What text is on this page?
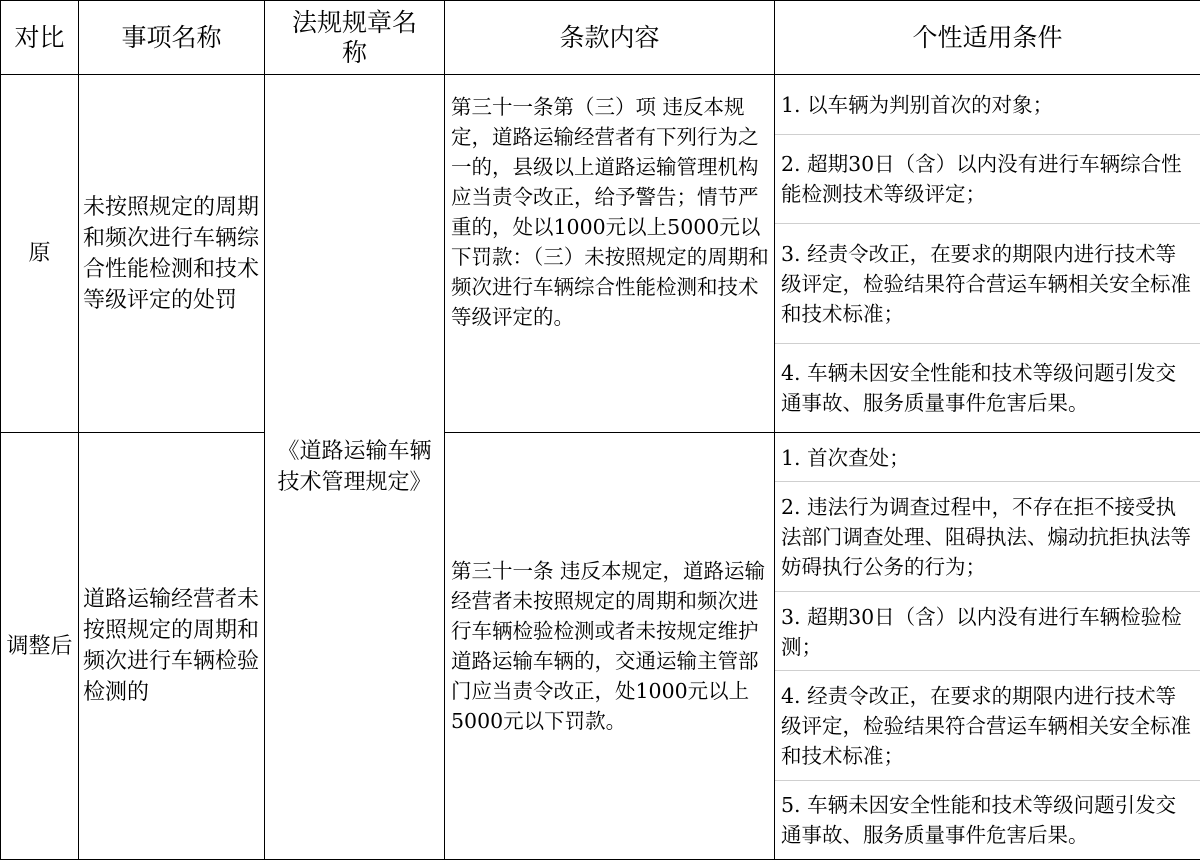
对比	事项名称	法规规章名称	条款内容	个性适用条件
原	未按照规定的周期和频次进行车辆综合性能检测和技术等级评定的处罚	《道路运输车辆技术管理规定》	第三十一条第（三）项 违反本规定，道路运输经营者有下列行为之一的，县级以上道路运输管理机构应当责令改正，给予警告；情节严重的，处以1000元以上5000元以下罚款：（三）未按照规定的周期和频次进行车辆综合性能检测和技术等级评定的。	1. 以车辆为判别首次的对象；
2. 超期30日（含）以内没有进行车辆综合性能检测技术等级评定；
3. 经责令改正，在要求的期限内进行技术等级评定，检验结果符合营运车辆相关安全标准和技术标准；
4. 车辆未因安全性能和技术等级问题引发交通事故、服务质量事件危害后果。

调整后	道路运输经营者未按照规定的周期和频次进行车辆检验检测的		第三十一条 违反本规定，道路运输经营者未按照规定的周期和频次进行车辆检验检测或者未按规定维护道路运输车辆的，交通运输主管部门应当责令改正，处1000元以上5000元以下罚款。	1. 首次查处；
2. 违法行为调查过程中，不存在拒不接受执法部门调查处理、阻碍执法、煽动抗拒执法等妨碍执行公务的行为；
3. 超期30日（含）以内没有进行车辆检验检测；
4. 经责令改正，在要求的期限内进行技术等级评定，检验结果符合营运车辆相关安全标准和技术标准；
5. 车辆未因安全性能和技术等级问题引发交通事故、服务质量事件危害后果。
